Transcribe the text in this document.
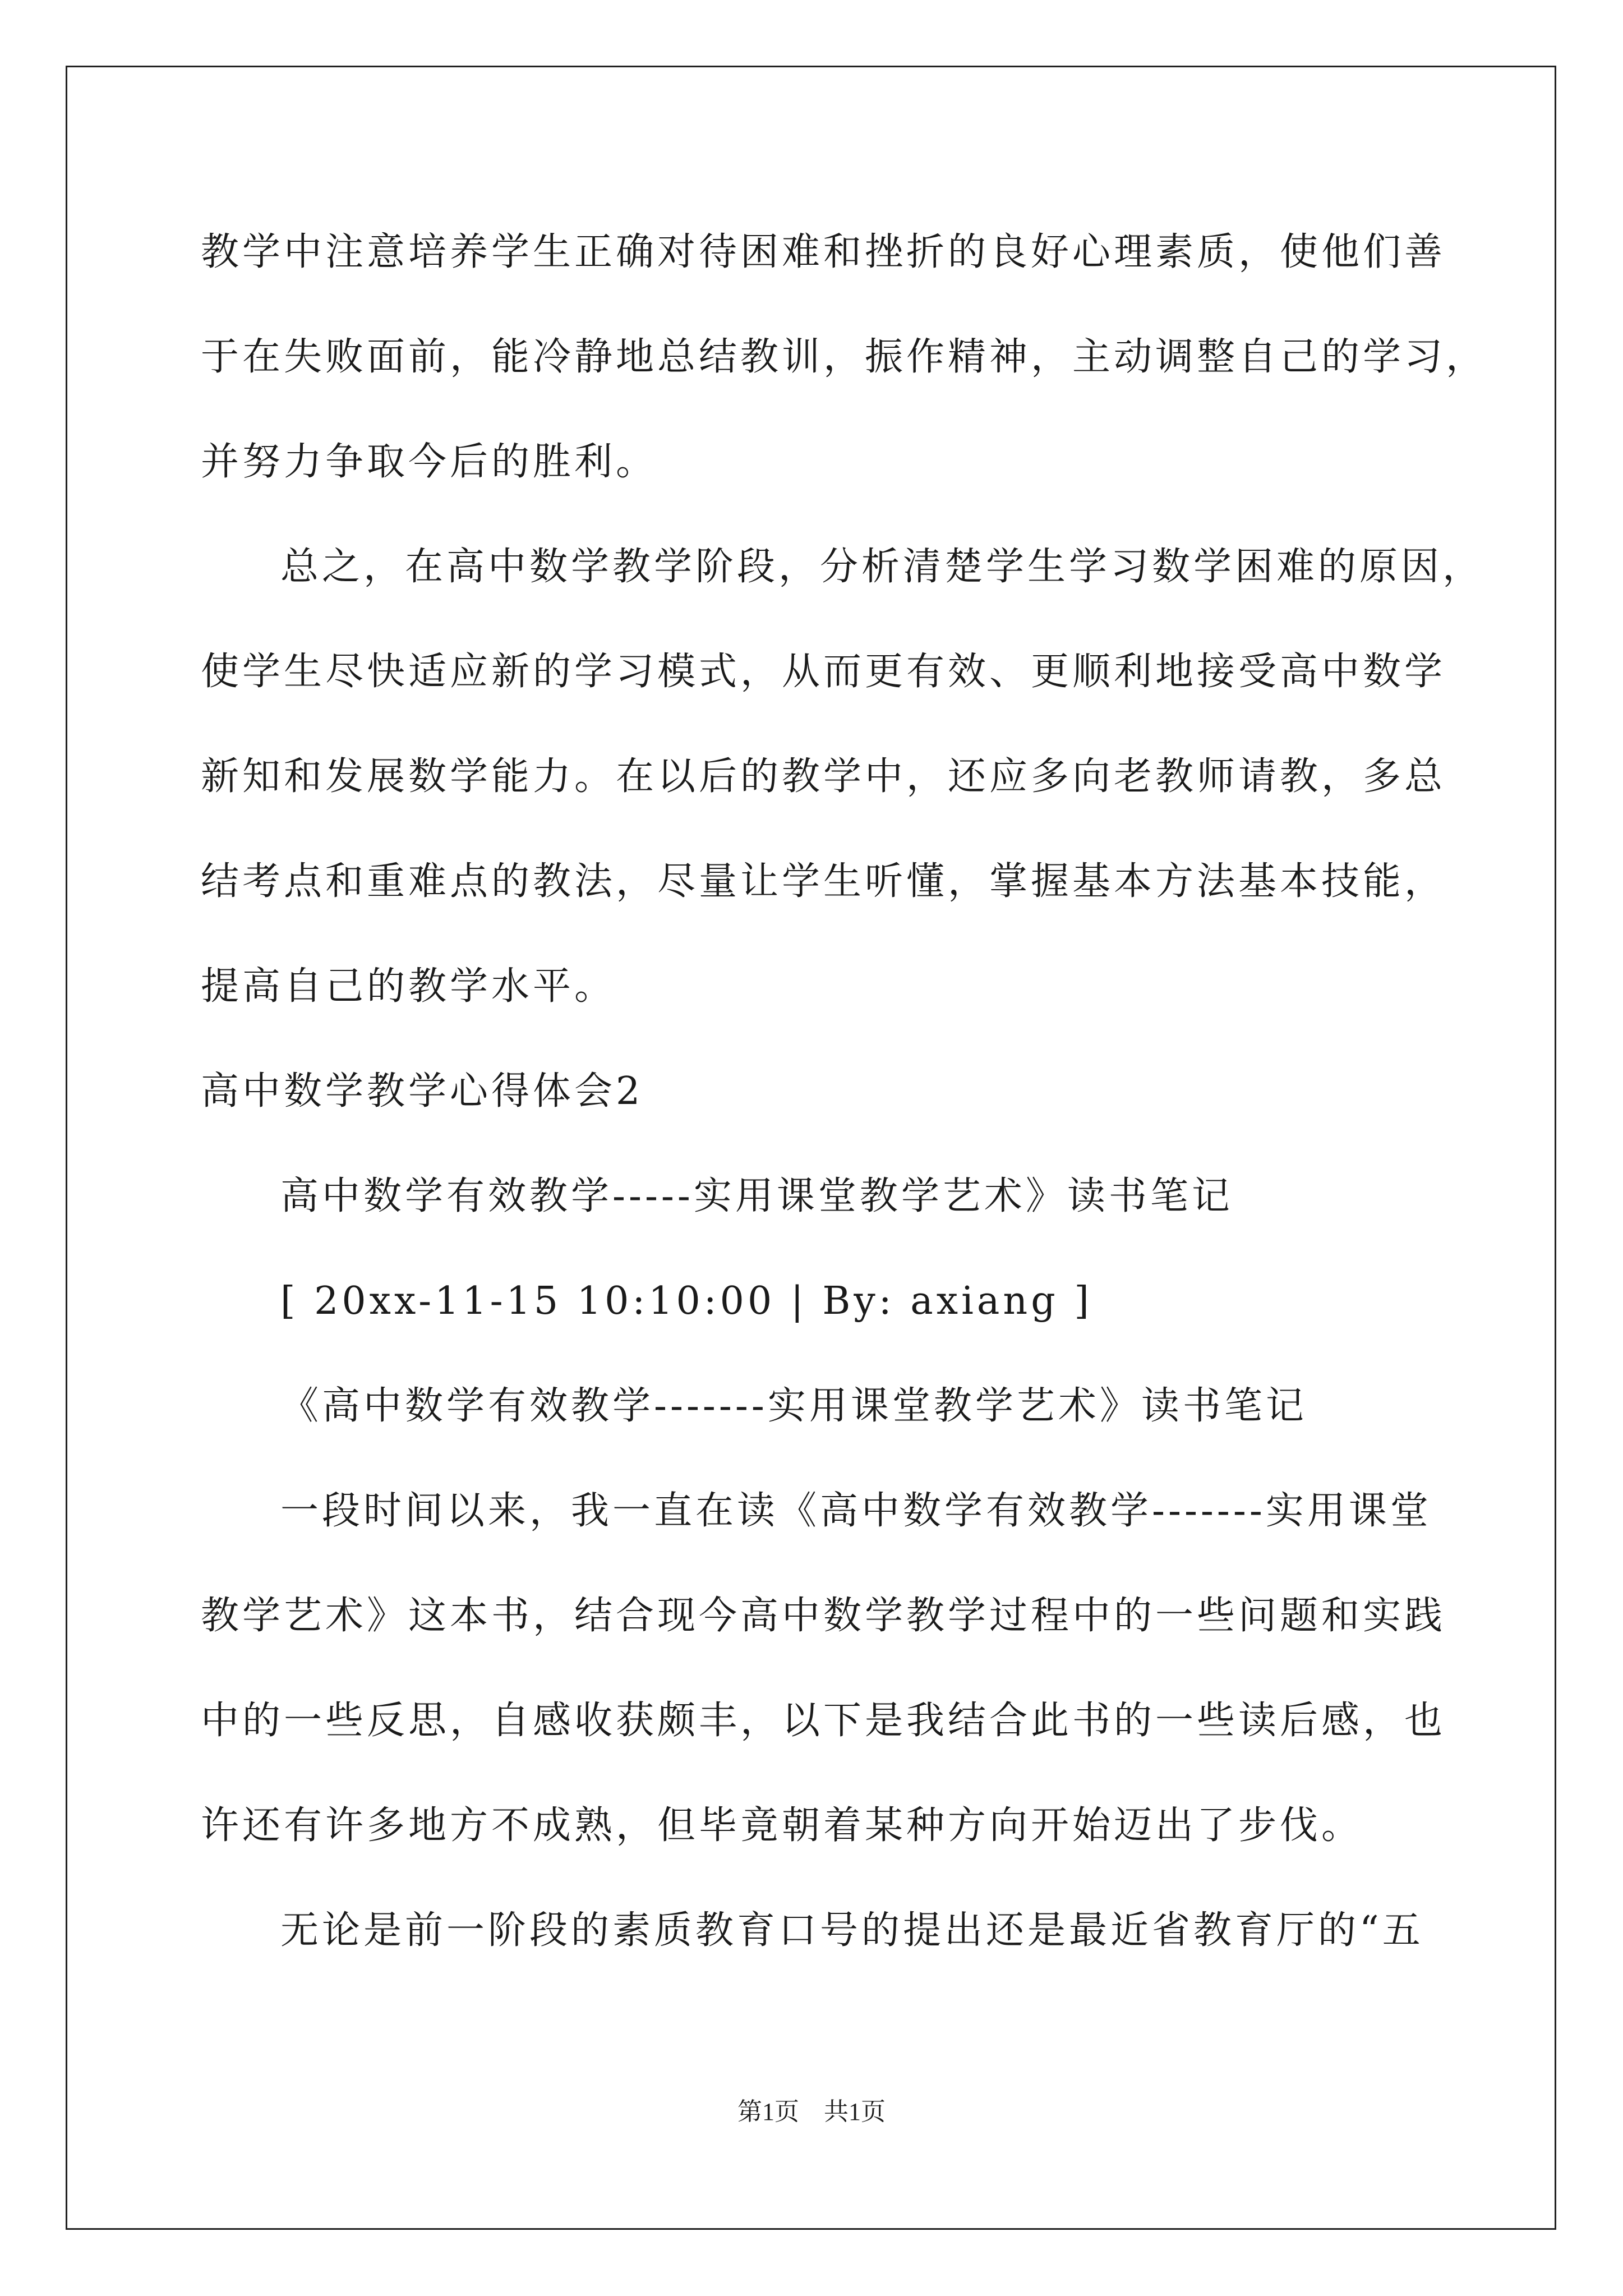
教学中注意培养学生正确对待困难和挫折的良好心理素质，使他们善
于在失败面前，能冷静地总结教训，振作精神，主动调整自己的学习，
并努力争取今后的胜利。
总之，在高中数学教学阶段，分析清楚学生学习数学困难的原因，
使学生尽快适应新的学习模式，从而更有效、更顺利地接受高中数学
新知和发展数学能力。在以后的教学中，还应多向老教师请教，多总
结考点和重难点的教法，尽量让学生听懂，掌握基本方法基本技能，
提高自己的教学水平。
高中数学教学心得体会2
高中数学有效教学-----实用课堂教学艺术》读书笔记
[ 20xx-11-15 10:10:00 | By: axiang ]
《高中数学有效教学-------实用课堂教学艺术》读书笔记
一段时间以来，我一直在读《高中数学有效教学-------实用课堂
教学艺术》这本书，结合现今高中数学教学过程中的一些问题和实践
中的一些反思，自感收获颇丰，以下是我结合此书的一些读后感，也
许还有许多地方不成熟，但毕竟朝着某种方向开始迈出了步伐。
无论是前一阶段的素质教育口号的提出还是最近省教育厅的“五
第1页　共1页
